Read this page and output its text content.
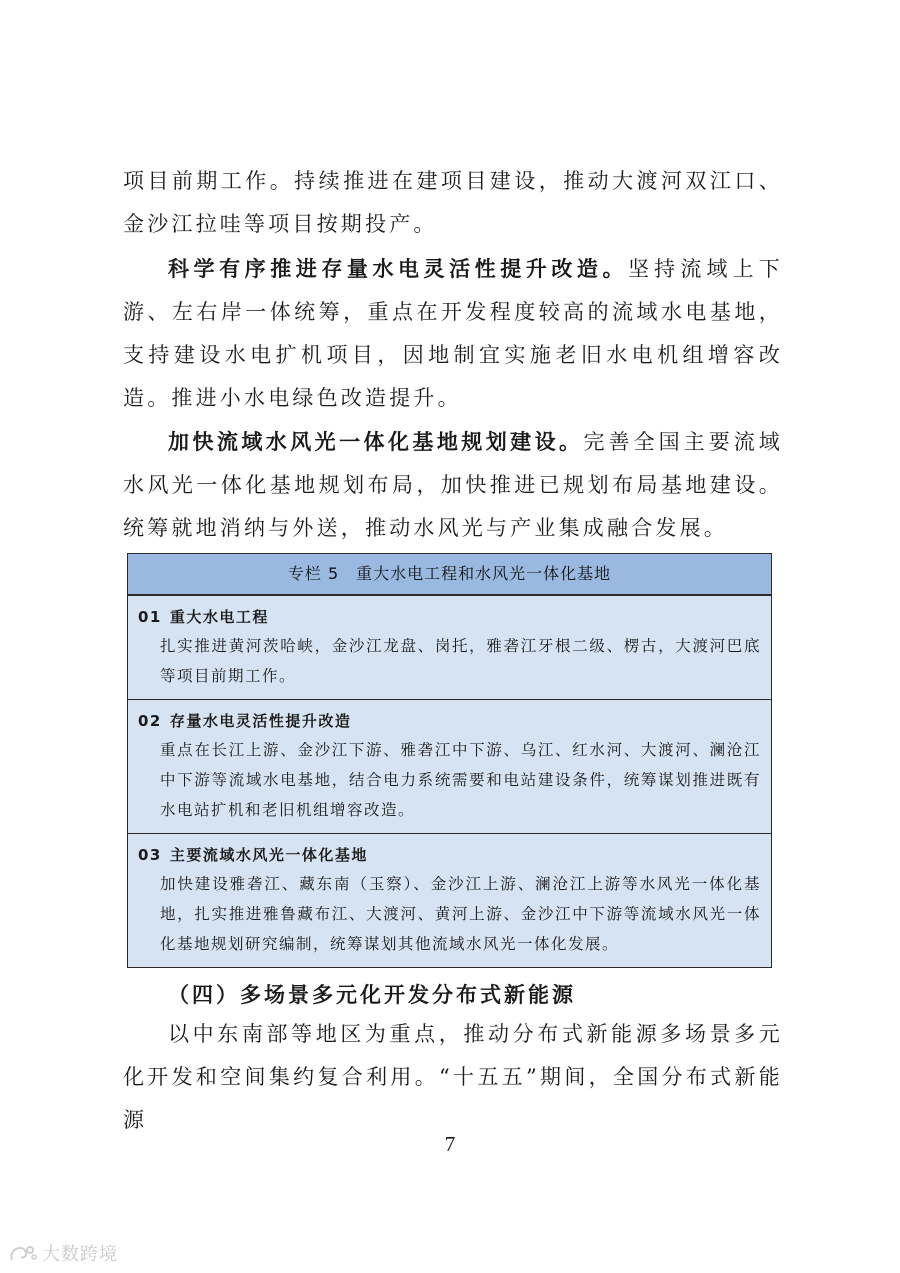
项目前期工作。持续推进在建项目建设，推动大渡河双江口、金沙江拉哇等项目按期投产。

科学有序推进存量水电灵活性提升改造。坚持流域上下游、左右岸一体统筹，重点在开发程度较高的流域水电基地，支持建设水电扩机项目，因地制宜实施老旧水电机组增容改造。推进小水电绿色改造提升。

加快流域水风光一体化基地规划建设。完善全国主要流域水风光一体化基地规划布局，加快推进已规划布局基地建设。统筹就地消纳与外送，推动水风光与产业集成融合发展。

专栏 5　重大水电工程和水风光一体化基地
01 重大水电工程
扎实推进黄河茨哈峡，金沙江龙盘、岗托，雅砻江牙根二级、楞古，大渡河巴底等项目前期工作。
02 存量水电灵活性提升改造
重点在长江上游、金沙江下游、雅砻江中下游、乌江、红水河、大渡河、澜沧江中下游等流域水电基地，结合电力系统需要和电站建设条件，统筹谋划推进既有水电站扩机和老旧机组增容改造。
03 主要流域水风光一体化基地
加快建设雅砻江、藏东南（玉察）、金沙江上游、澜沧江上游等水风光一体化基地，扎实推进雅鲁藏布江、大渡河、黄河上游、金沙江中下游等流域水风光一体化基地规划研究编制，统筹谋划其他流域水风光一体化发展。
（四）多场景多元化开发分布式新能源

以中东南部等地区为重点，推动分布式新能源多场景多元化开发和空间集约复合利用。“十五五”期间，全国分布式新能源

7
大数跨境
